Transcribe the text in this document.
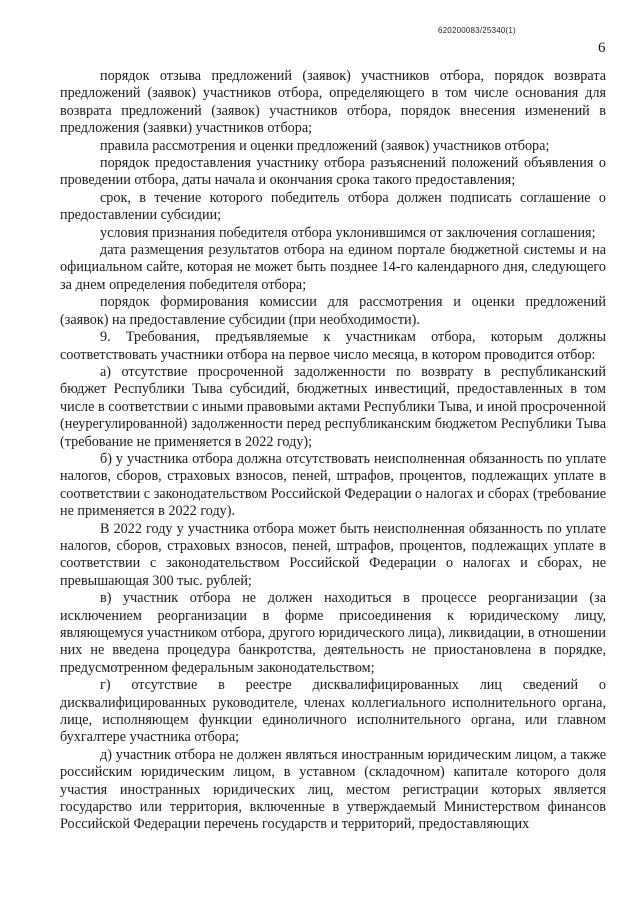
620200083/25340(1)
6

порядок отзыва предложений (заявок) участников отбора, порядок возврата предложений (заявок) участников отбора, определяющего в том числе основания для возврата предложений (заявок) участников отбора, порядок внесения изменений в предложения (заявки) участников отбора;

правила рассмотрения и оценки предложений (заявок) участников отбора;

порядок предоставления участнику отбора разъяснений положений объявления о проведении отбора, даты начала и окончания срока такого предоставления;

срок, в течение которого победитель отбора должен подписать соглашение о предоставлении субсидии;

условия признания победителя отбора уклонившимся от заключения соглашения;

дата размещения результатов отбора на едином портале бюджетной системы и на официальном сайте, которая не может быть позднее 14-го календарного дня, следующего за днем определения победителя отбора;

порядок формирования комиссии для рассмотрения и оценки предложений (заявок) на предоставление субсидии (при необходимости).

9. Требования, предъявляемые к участникам отбора, которым должны соответствовать участники отбора на первое число месяца, в котором проводится отбор:

а) отсутствие просроченной задолженности по возврату в республиканский бюджет Республики Тыва субсидий, бюджетных инвестиций, предоставленных в том числе в соответствии с иными правовыми актами Республики Тыва, и иной просроченной (неурегулированной) задолженности перед республиканским бюджетом Республики Тыва (требование не применяется в 2022 году);

б) у участника отбора должна отсутствовать неисполненная обязанность по уплате налогов, сборов, страховых взносов, пеней, штрафов, процентов, подлежащих уплате в соответствии с законодательством Российской Федерации о налогах и сборах (требование не применяется в 2022 году).

В 2022 году у участника отбора может быть неисполненная обязанность по уплате налогов, сборов, страховых взносов, пеней, штрафов, процентов, подлежащих уплате в соответствии с законодательством Российской Федерации о налогах и сборах, не превышающая 300 тыс. рублей;

в) участник отбора не должен находиться в процессе реорганизации (за исключением реорганизации в форме присоединения к юридическому лицу, являющемуся участником отбора, другого юридического лица), ликвидации, в отношении них не введена процедура банкротства, деятельность не приостановлена в порядке, предусмотренном федеральным законодательством;

г) отсутствие в реестре дисквалифицированных лиц сведений о дисквалифицированных руководителе, членах коллегиального исполнительного органа, лице, исполняющем функции единоличного исполнительного органа, или главном бухгалтере участника отбора;

д) участник отбора не должен являться иностранным юридическим лицом, а также российским юридическим лицом, в уставном (складочном) капитале которого доля участия иностранных юридических лиц, местом регистрации которых является государство или территория, включенные в утверждаемый Министерством финансов Российской Федерации перечень государств и территорий, предоставляющих
